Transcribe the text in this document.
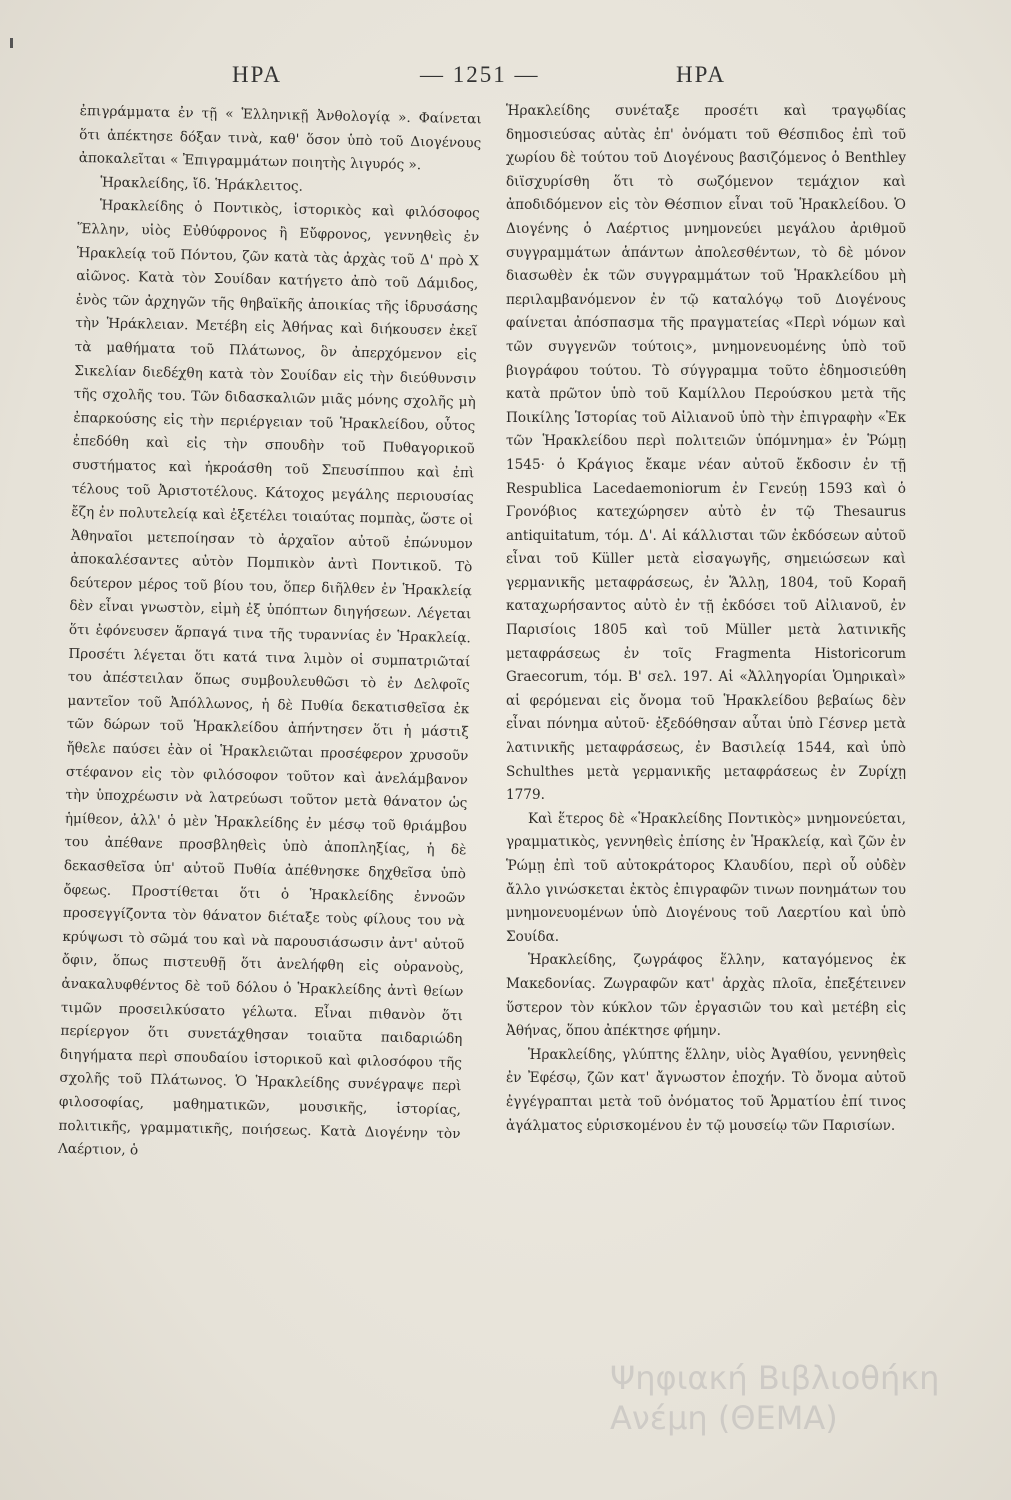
ΗΡΑ	— 1251 —	ΗΡΑ

ἐπιγράμματα ἐν τῇ « Ἑλληνικῇ Ἀνθολογίᾳ ». Φαίνεται ὅτι ἀπέκτησε δόξαν τινὰ, καθ' ὅσον ὑπὸ τοῦ Διογένους ἀποκαλεῖται « Ἐπιγραμμάτων ποιητὴς λιγυρός ».

Ἡρακλείδης, ἴδ. Ἡράκλειτος.

Ἡρακλείδης ὁ Ποντικὸς, ἱστορικὸς καὶ φιλόσοφος Ἕλλην, υἱὸς Εὐθύφρονος ἢ Εὔφρονος, γεννηθεὶς ἐν Ἡρακλείᾳ τοῦ Πόντου, ζῶν κατὰ τὰς ἀρχὰς τοῦ Δ' πρὸ Χ αἰῶνος. Κατὰ τὸν Σουίδαν κατήγετο ἀπὸ τοῦ Δάμιδος, ἑνὸς τῶν ἀρχηγῶν τῆς θηβαϊκῆς ἀποικίας τῆς ἱδρυσάσης τὴν Ἡράκλειαν. Μετέβη εἰς Ἀθήνας καὶ διήκουσεν ἐκεῖ τὰ μαθήματα τοῦ Πλάτωνος, ὃν ἀπερχόμενον εἰς Σικελίαν διεδέχθη κατὰ τὸν Σουίδαν εἰς τὴν διεύθυνσιν τῆς σχολῆς του. Τῶν διδασκαλιῶν μιᾶς μόνης σχολῆς μὴ ἐπαρκούσης εἰς τὴν περιέργειαν τοῦ Ἡρακλείδου, οὗτος ἐπεδόθη καὶ εἰς τὴν σπουδὴν τοῦ Πυθαγορικοῦ συστήματος καὶ ἠκροάσθη τοῦ Σπευσίππου καὶ ἐπὶ τέλους τοῦ Ἀριστοτέλους. Κάτοχος μεγάλης περιουσίας ἔζη ἐν πολυτελείᾳ καὶ ἐξετέλει τοιαύτας πομπὰς, ὥστε οἱ Ἀθηναῖοι μετεποίησαν τὸ ἀρχαῖον αὐτοῦ ἐπώνυμον ἀποκαλέσαντες αὐτὸν Πομπικὸν ἀντὶ Ποντικοῦ. Τὸ δεύτερον μέρος τοῦ βίου του, ὅπερ διῆλθεν ἐν Ἡρακλείᾳ δὲν εἶναι γνωστὸν, εἰμὴ ἐξ ὑπόπτων διηγήσεων. Λέγεται ὅτι ἐφόνευσεν ἅρπαγά τινα τῆς τυραννίας ἐν Ἡρακλείᾳ. Προσέτι λέγεται ὅτι κατά τινα λιμὸν οἱ συμπατριῶταί του ἀπέστειλαν ὅπως συμβουλευθῶσι τὸ ἐν Δελφοῖς μαντεῖον τοῦ Ἀπόλλωνος, ἡ δὲ Πυθία δεκατισθεῖσα ἐκ τῶν δώρων τοῦ Ἡρακλείδου ἀπήντησεν ὅτι ἡ μάστιξ ἤθελε παύσει ἐὰν οἱ Ἡρακλειῶται προσέφερον χρυσοῦν στέφανον εἰς τὸν φιλόσοφον τοῦτον καὶ ἀνελάμβανον τὴν ὑποχρέωσιν νὰ λατρεύωσι τοῦτον μετὰ θάνατον ὡς ἡμίθεον, ἀλλ' ὁ μὲν Ἡρακλείδης ἐν μέσῳ τοῦ θριάμβου του ἀπέθανε προσβληθεὶς ὑπὸ ἀποπληξίας, ἡ δὲ δεκασθεῖσα ὑπ' αὐτοῦ Πυθία ἀπέθνησκε δηχθεῖσα ὑπὸ ὄφεως. Προστίθεται ὅτι ὁ Ἡρακλείδης ἐννοῶν προσεγγίζοντα τὸν θάνατον διέταξε τοὺς φίλους του νὰ κρύψωσι τὸ σῶμά του καὶ νὰ παρουσιάσωσιν ἀντ' αὐτοῦ ὄφιν, ὅπως πιστευθῇ ὅτι ἀνελήφθη εἰς οὐρανοὺς, ἀνακαλυφθέντος δὲ τοῦ δόλου ὁ Ἡρακλείδης ἀντὶ θείων τιμῶν προσειλκύσατο γέλωτα. Εἶναι πιθανὸν ὅτι περίεργον ὅτι συνετάχθησαν τοιαῦτα παιδαριώδη διηγήματα περὶ σπουδαίου ἱστορικοῦ καὶ φιλοσόφου τῆς σχολῆς τοῦ Πλάτωνος. Ὁ Ἡρακλείδης συνέγραψε περὶ φιλοσοφίας, μαθηματικῶν, μουσικῆς, ἱστορίας, πολιτικῆς, γραμματικῆς, ποιήσεως. Κατὰ Διογένην τὸν Λαέρτιον, ὁ

Ἡρακλείδης συνέταξε προσέτι καὶ τραγῳδίας δημοσιεύσας αὐτὰς ἐπ' ὀνόματι τοῦ Θέσπιδος ἐπὶ τοῦ χωρίου δὲ τούτου τοῦ Διογένους βασιζόμενος ὁ Benthley διϊσχυρίσθη ὅτι τὸ σωζόμενον τεμάχιον καὶ ἀποδιδόμενον εἰς τὸν Θέσπιον εἶναι τοῦ Ἡρακλείδου. Ὁ Διογένης ὁ Λαέρτιος μνημονεύει μεγάλου ἀριθμοῦ συγγραμμάτων ἁπάντων ἀπολεσθέντων, τὸ δὲ μόνον διασωθὲν ἐκ τῶν συγγραμμάτων τοῦ Ἡρακλείδου μὴ περιλαμβανόμενον ἐν τῷ καταλόγῳ τοῦ Διογένους φαίνεται ἀπόσπασμα τῆς πραγματείας «Περὶ νόμων καὶ τῶν συγγενῶν τούτοις», μνημονευομένης ὑπὸ τοῦ βιογράφου τούτου. Τὸ σύγγραμμα τοῦτο ἐδημοσιεύθη κατὰ πρῶτον ὑπὸ τοῦ Καμίλλου Περούσκου μετὰ τῆς Ποικίλης Ἱστορίας τοῦ Αἰλιανοῦ ὑπὸ τὴν ἐπιγραφὴν «Ἐκ τῶν Ἡρακλείδου περὶ πολιτειῶν ὑπόμνημα» ἐν Ῥώμῃ 1545· ὁ Κράγιος ἔκαμε νέαν αὐτοῦ ἔκδοσιν ἐν τῇ Respublica Lacedaemoniorum ἐν Γενεύῃ 1593 καὶ ὁ Γρονόβιος κατεχώρησεν αὐτὸ ἐν τῷ Thesaurus antiquitatum, τόμ. Δ'. Αἱ κάλλισται τῶν ἐκδόσεων αὐτοῦ εἶναι τοῦ Küller μετὰ εἰσαγωγῆς, σημειώσεων καὶ γερμανικῆς μεταφράσεως, ἐν Ἅλλῃ, 1804, τοῦ Κοραῆ καταχωρήσαντος αὐτὸ ἐν τῇ ἐκδόσει τοῦ Αἰλιανοῦ, ἐν Παρισίοις 1805 καὶ τοῦ Müller μετὰ λατινικῆς μεταφράσεως ἐν τοῖς Fragmenta Historicorum Graecorum, τόμ. Β' σελ. 197. Αἱ «Ἀλληγορίαι Ὁμηρικαὶ» αἱ φερόμεναι εἰς ὄνομα τοῦ Ἡρακλείδου βεβαίως δὲν εἶναι πόνημα αὐτοῦ· ἐξεδόθησαν αὗται ὑπὸ Γέσνερ μετὰ λατινικῆς μεταφράσεως, ἐν Βασιλείᾳ 1544, καὶ ὑπὸ Schulthes μετὰ γερμανικῆς μεταφράσεως ἐν Ζυρίχῃ 1779.

Καὶ ἕτερος δὲ «Ἡρακλείδης Ποντικὸς» μνημονεύεται, γραμματικὸς, γεννηθεὶς ἐπίσης ἐν Ἡρακλείᾳ, καὶ ζῶν ἐν Ῥώμῃ ἐπὶ τοῦ αὐτοκράτορος Κλαυδίου, περὶ οὗ οὐδὲν ἄλλο γινώσκεται ἐκτὸς ἐπιγραφῶν τινων πονημάτων του μνημονευομένων ὑπὸ Διογένους τοῦ Λαερτίου καὶ ὑπὸ Σουίδα.

Ἡρακλείδης, ζωγράφος ἕλλην, καταγόμενος ἐκ Μακεδονίας. Ζωγραφῶν κατ' ἀρχὰς πλοῖα, ἐπεξέτεινεν ὕστερον τὸν κύκλον τῶν ἐργασιῶν του καὶ μετέβη εἰς Ἀθήνας, ὅπου ἀπέκτησε φήμην.

Ἡρακλείδης, γλύπτης ἕλλην, υἱὸς Ἀγαθίου, γεννηθεὶς ἐν Ἐφέσῳ, ζῶν κατ' ἄγνωστον ἐποχήν. Τὸ ὄνομα αὐτοῦ ἐγγέγραπται μετὰ τοῦ ὀνόματος τοῦ Ἁρματίου ἐπί τινος ἀγάλματος εὑρισκομένου ἐν τῷ μουσείῳ τῶν Παρισίων.

Ψηφιακή Βιβλιοθήκη
Ανέμη (ΘΕΜΑ)
